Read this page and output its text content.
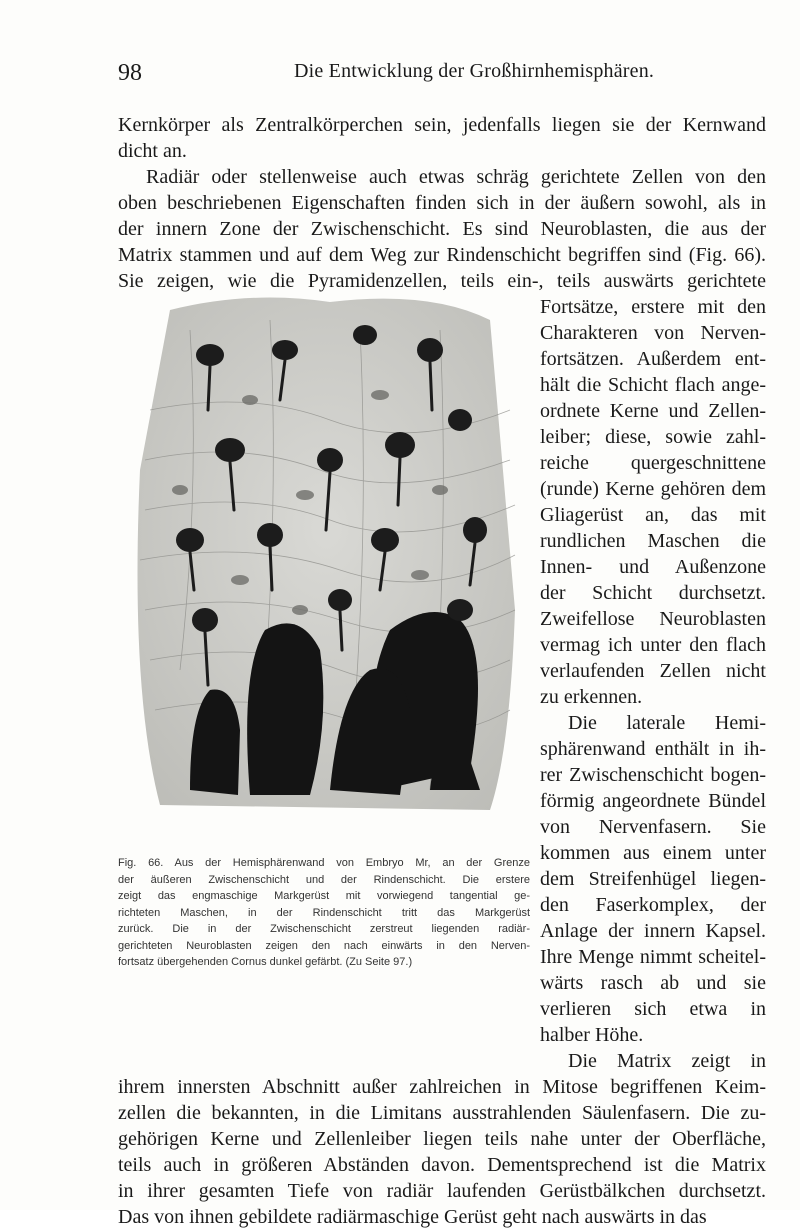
98	Die Entwicklung der Großhirnhemisphären.
Kernkörper als Zentralkörperchen sein, jedenfalls liegen sie der Kernwand
dicht an.
Radiär oder stellenweise auch etwas schräg gerichtete Zellen von den
oben beschriebenen Eigenschaften finden sich in der äußern sowohl, als in
der innern Zone der Zwischenschicht. Es sind Neuroblasten, die aus der
Matrix stammen und auf dem Weg zur Rindenschicht begriffen sind (Fig. 66).
Sie zeigen, wie die Pyramidenzellen, teils ein-, teils auswärts gerichtete
Fortsätze, erstere mit den
Charakteren von Nerven-
fortsätzen. Außerdem ent-
hält die Schicht flach ange-
ordnete Kerne und Zellen-
leiber; diese, sowie zahl-
reiche quergeschnittene
(runde) Kerne gehören dem
Gliagerüst an, das mit
rundlichen Maschen die
Innen- und Außenzone
der Schicht durchsetzt.
Zweifellose Neuroblasten
vermag ich unter den flach
verlaufenden Zellen nicht
zu erkennen.
Die laterale Hemi-
sphärenwand enthält in ih-
rer Zwischenschicht bogen-
förmig angeordnete Bündel
von Nervenfasern. Sie
kommen aus einem unter
dem Streifenhügel liegen-
den Faserkomplex, der
Anlage der innern Kapsel.
Ihre Menge nimmt scheitel-
wärts rasch ab und sie
verlieren sich etwa in
halber Höhe.
Die Matrix zeigt in
Fig. 66. Aus der Hemisphärenwand von Embryo Mr, an der Grenze
der äußeren Zwischenschicht und der Rindenschicht. Die erstere
zeigt das engmaschige Markgerüst mit vorwiegend tangential ge-
richteten Maschen, in der Rindenschicht tritt das Markgerüst
zurück. Die in der Zwischenschicht zerstreut liegenden radiär-
gerichteten Neuroblasten zeigen den nach einwärts in den Nerven-
fortsatz übergehenden Cornus dunkel gefärbt. (Zu Seite 97.)
ihrem innersten Abschnitt außer zahlreichen in Mitose begriffenen Keim-
zellen die bekannten, in die Limitans ausstrahlenden Säulenfasern. Die zu-
gehörigen Kerne und Zellenleiber liegen teils nahe unter der Oberfläche,
teils auch in größeren Abständen davon. Dementsprechend ist die Matrix
in ihrer gesamten Tiefe von radiär laufenden Gerüstbälkchen durchsetzt.
Das von ihnen gebildete radiärmaschige Gerüst geht nach auswärts in das
